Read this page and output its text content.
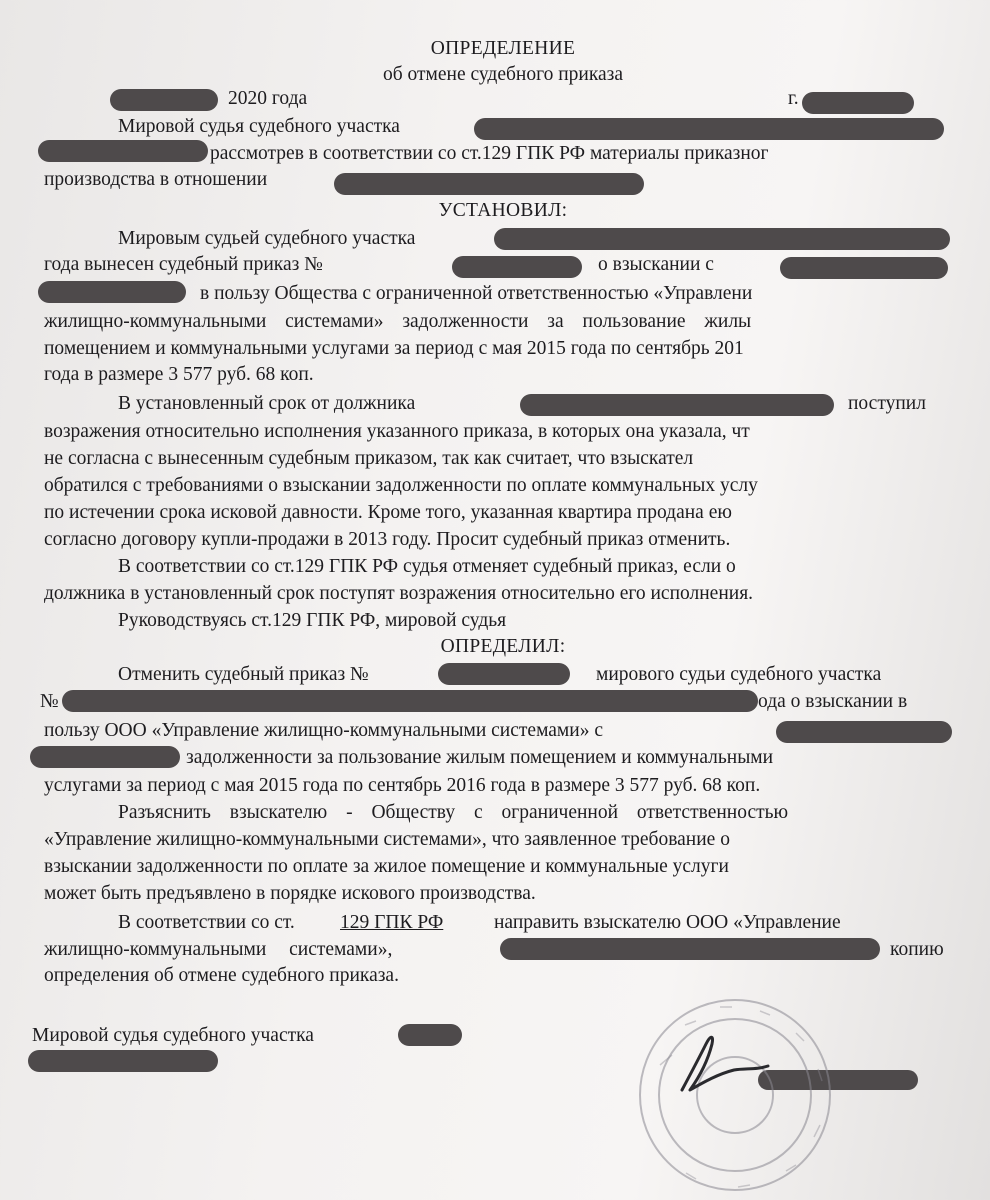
ОПРЕДЕЛЕНИЕ
об отмене судебного приказа
2020 года	г.
Мировой судья судебного участка
рассмотрев в соответствии со ст.129 ГПК РФ материалы приказног
производства в отношении
УСТАНОВИЛ:
Мировым судьей судебного участка
года вынесен судебный приказ №	о взыскании с
в пользу Общества с ограниченной ответственностью «Управлени
жилищно-коммунальными системами» задолженности за пользование жилы
помещением и коммунальными услугами за период с мая 2015 года по сентябрь 201
года в размере 3 577 руб. 68 коп.
В установленный срок от должника	поступил
возражения относительно исполнения указанного приказа, в которых она указала, чт
не согласна с вынесенным судебным приказом, так как считает, что взыскател
обратился с требованиями о взыскании задолженности по оплате коммунальных услу
по истечении срока исковой давности. Кроме того, указанная квартира продана ею
согласно договору купли-продажи в 2013 году. Просит судебный приказ отменить.
В соответствии со ст.129 ГПК РФ судья отменяет судебный приказ, если о
должника в установленный срок поступят возражения относительно его исполнения.
Руководствуясь ст.129 ГПК РФ, мировой судья
ОПРЕДЕЛИЛ:
Отменить судебный приказ №	мирового судьи судебного участка
№	ода о взыскании в
пользу ООО «Управление жилищно-коммунальными системами» с
задолженности за пользование жилым помещением и коммунальными
услугами за период с мая 2015 года по сентябрь 2016 года в размере 3 577 руб. 68 коп.
Разъяснить взыскателю - Обществу с ограниченной ответственностью
«Управление жилищно-коммунальными системами», что заявленное требование о
взыскании задолженности по оплате за жилое помещение и коммунальные услуги
может быть предъявлено в порядке искового производства.
В соответствии со ст. 129 ГПК РФ	направить взыскателю ООО «Управление
жилищно-коммунальными системами»,	копию
определения об отмене судебного приказа.
Мировой судья судебного участка
